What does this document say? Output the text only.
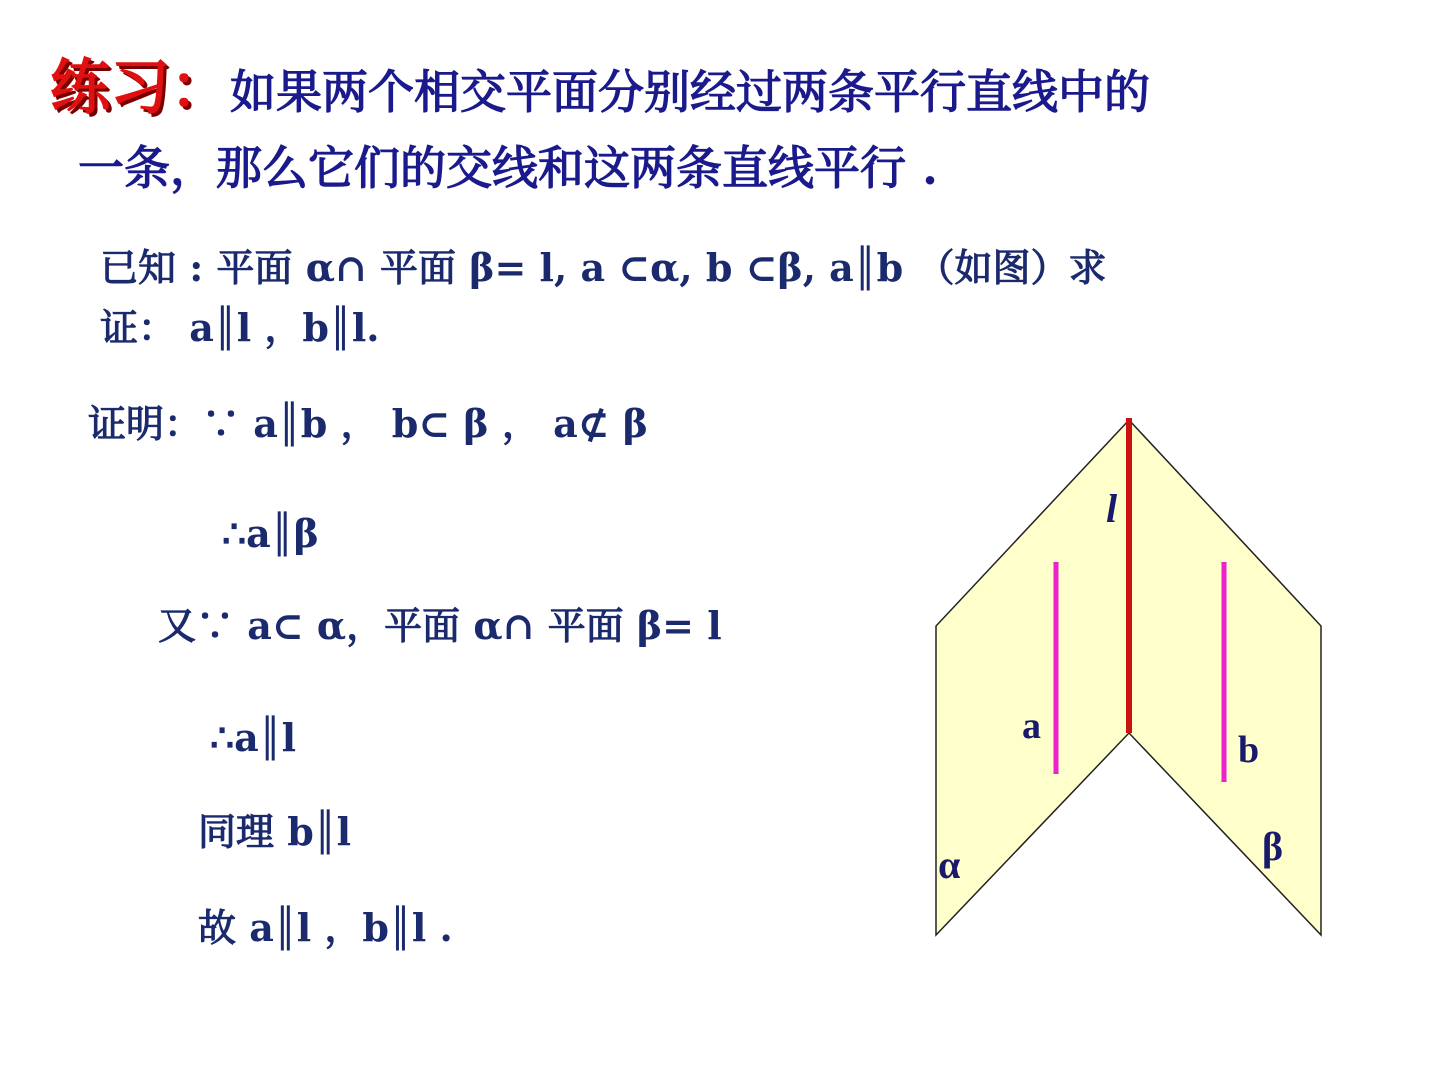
练习：如果两个相交平面分别经过两条平行直线中的
一条，那么它们的交线和这两条直线平行 .
已知 : 平面 α∩ 平面 β= l, a ⊂α, b ⊂β, a║b （如图）求
证： a║l ，b║l.
证明：∵ a║b ， b⊂ β ， a⊄ β
∴a║β
又∵ a⊂ α，平面 α∩ 平面 β= l
∴a║l
同理 b║l
故 a║l ，b║l .
l
a
b
α	β
